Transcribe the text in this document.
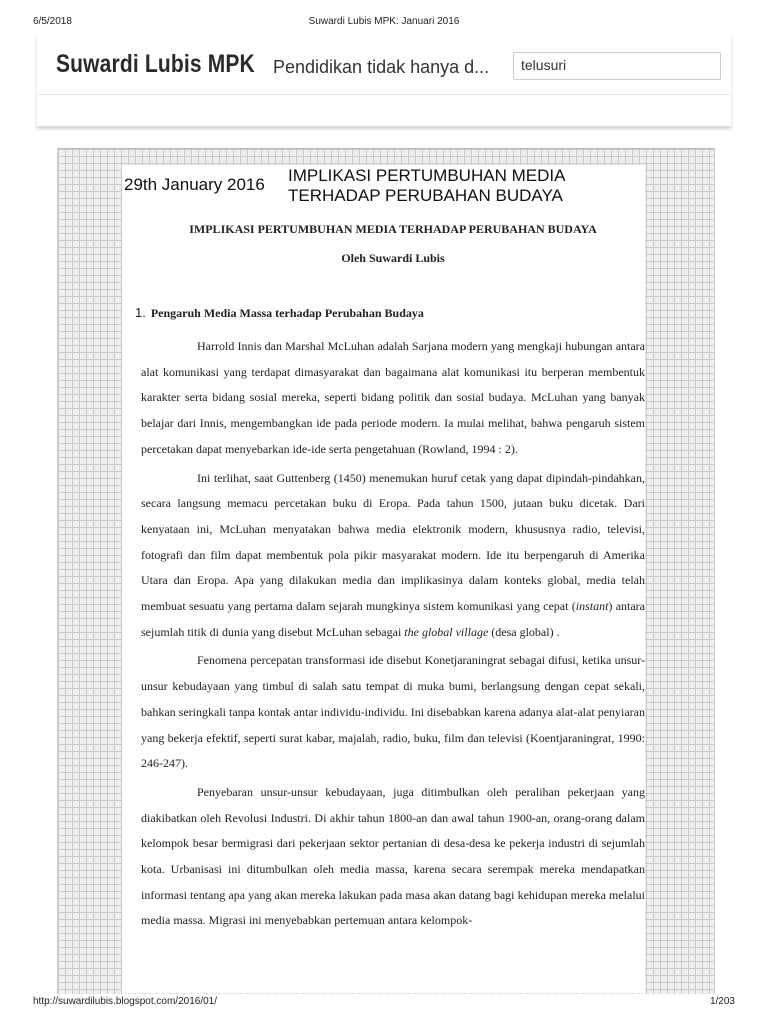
6/5/2018	Suwardi Lubis MPK: Januari 2016
Suwardi Lubis MPK Pendidikan tidak hanya d...	telusuri
29th January 2016 IMPLIKASI PERTUMBUHAN MEDIA TERHADAP PERUBAHAN BUDAYA
IMPLIKASI PERTUMBUHAN MEDIA TERHADAP PERUBAHAN BUDAYA
Oleh Suwardi Lubis
1. Pengaruh Media Massa terhadap Perubahan Budaya

Harrold Innis dan Marshal McLuhan adalah Sarjana modern yang mengkaji hubungan antara alat komunikasi yang terdapat dimasyarakat dan bagaimana alat komunikasi itu berperan membentuk karakter serta bidang sosial mereka, seperti bidang politik dan sosial budaya. McLuhan yang banyak belajar dari Innis, mengembangkan ide pada periode modern. Ia mulai melihat, bahwa pengaruh sistem percetakan dapat menyebarkan ide-ide serta pengetahuan (Rowland, 1994 : 2).

Ini terlihat, saat Guttenberg (1450) menemukan huruf cetak yang dapat dipindah-pindahkan, secara langsung memacu percetakan buku di Eropa. Pada tahun 1500, jutaan buku dicetak. Dari kenyataan ini, McLuhan menyatakan bahwa media elektronik modern, khususnya radio, televisi, fotografi dan film dapat membentuk pola pikir masyarakat modern. Ide itu berpengaruh di Amerika Utara dan Eropa. Apa yang dilakukan media dan implikasinya dalam konteks global, media telah membuat sesuatu yang pertama dalam sejarah mungkinya sistem komunikasi yang cepat (instant) antara sejumlah titik di dunia yang disebut McLuhan sebagai the global village (desa global) .

Fenomena percepatan transformasi ide disebut Konetjaraningrat sebagai difusi, ketika unsur-unsur kebudayaan yang timbul di salah satu tempat di muka bumi, berlangsung dengan cepat sekali, bahkan seringkali tanpa kontak antar individu-individu. Ini disebabkan karena adanya alat-alat penyiaran yang bekerja efektif, seperti surat kabar, majalah, radio, buku, film dan televisi (Koentjaraningrat, 1990: 246-247).

Penyebaran unsur-unsur kebudayaan, juga ditimbulkan oleh peralihan pekerjaan yang diakibatkan oleh Revolusi Industri. Di akhir tahun 1800-an dan awal tahun 1900-an, orang-orang dalam kelompok besar bermigrasi dari pekerjaan sektor pertanian di desa-desa ke pekerja industri di sejumlah kota. Urbanisasi ini ditumbulkan oleh media massa, karena secara serempak mereka mendapatkan informasi tentang apa yang akan mereka lakukan pada masa akan datang bagi kehidupan mereka melalui media massa. Migrasi ini menyebabkan pertemuan antara kelompok-

http://suwardilubis.blogspot.com/2016/01/	1/203
